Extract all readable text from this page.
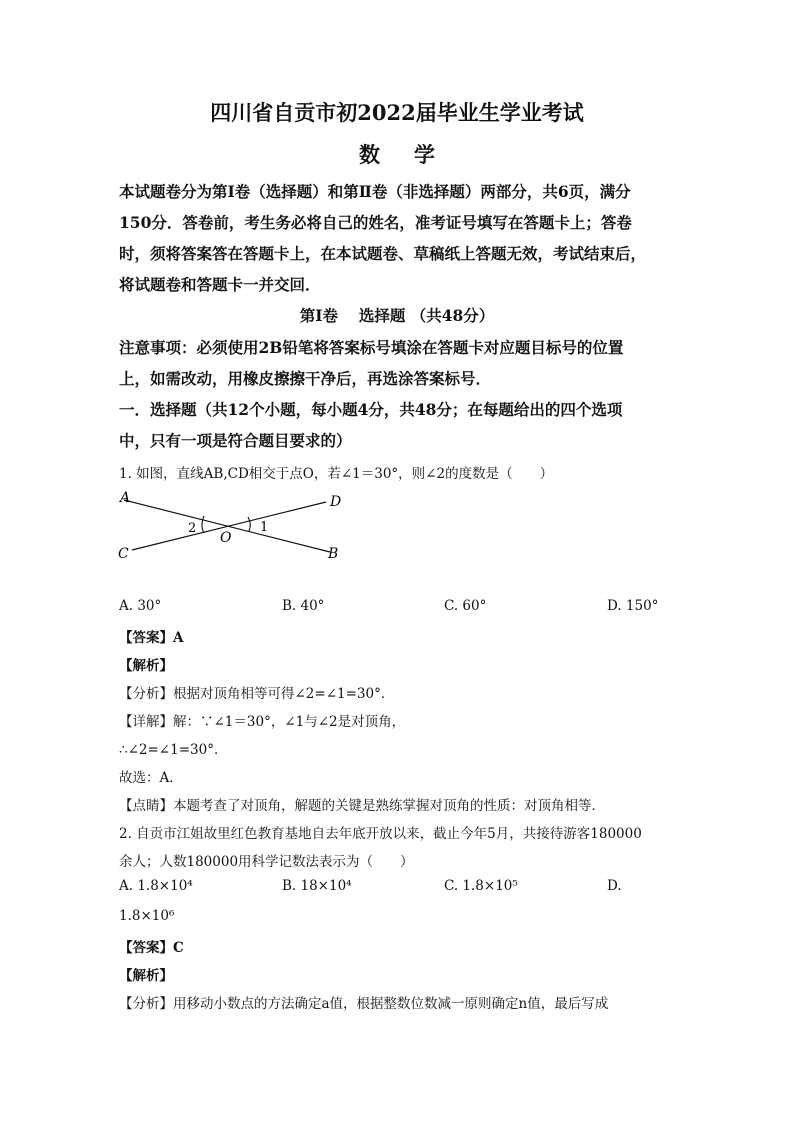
四川省自贡市初2022届毕业生学业考试
数学
本试题卷分为第Ⅰ卷（选择题）和第Ⅱ卷（非选择题）两部分，共6页，满分
150分．答卷前，考生务必将自己的姓名，准考证号填写在答题卡上；答卷
时，须将答案答在答题卡上，在本试题卷、草稿纸上答题无效，考试结束后，
将试题卷和答题卡一并交回．
第Ⅰ卷　 选择题 （共48分）
注意事项：必须使用2B铅笔将答案标号填涂在答题卡对应题目标号的位置
上，如需改动，用橡皮擦擦干净后，再选涂答案标号．
一．选择题（共12个小题，每小题4分，共48分；在每题给出的四个选项
中，只有一项是符合题目要求的）
1. 如图，直线AB,CD相交于点O，若∠1＝30°，则∠2的度数是（　　）
A	D
C	B
O
2	1
A. 30°	B. 40°	C. 60°	D. 150°
【答案】A
【解析】
【分析】根据对顶角相等可得∠2=∠1=30°．
【详解】解：∵∠1＝30°，∠1与∠2是对顶角，
∴∠2=∠1=30°．
故选：A．
【点睛】本题考查了对顶角，解题的关键是熟练掌握对顶角的性质：对顶角相等．
2. 自贡市江姐故里红色教育基地自去年底开放以来，截止今年5月，共接待游客180000
余人；人数180000用科学记数法表示为（　　）
A. 1.8×10⁴	B. 18×10⁴	C. 1.8×10⁵	D.
1.8×10⁶
【答案】C
【解析】
【分析】用移动小数点的方法确定a值，根据整数位数减一原则确定n值，最后写成
